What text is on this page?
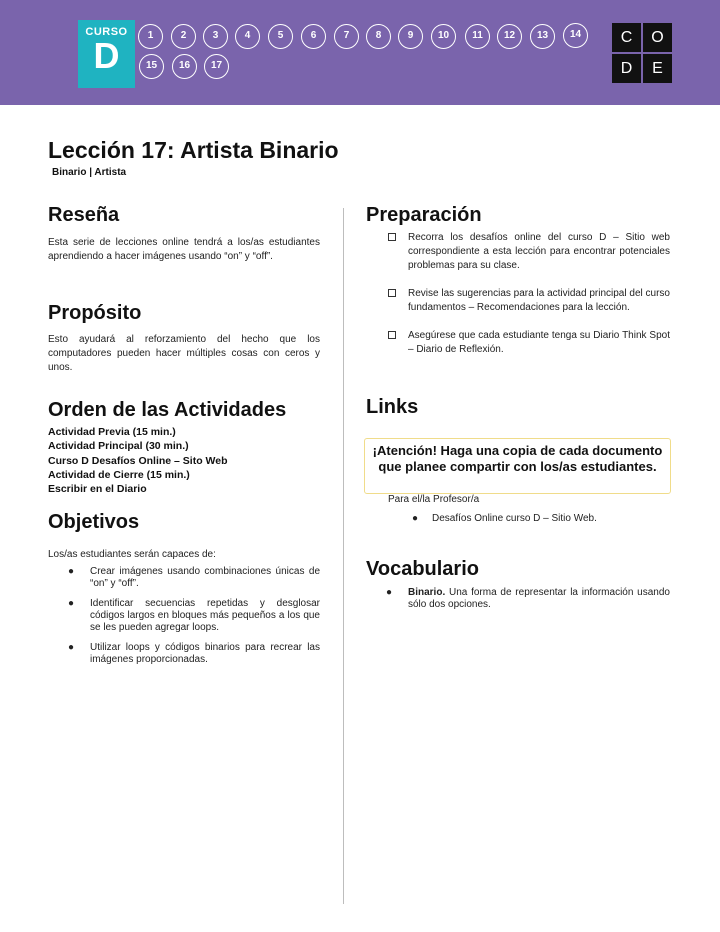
CURSO
D	1	2	3	4	5	6	7	8	9	10	11	12	13	14
15	16	17
C	O
D	E
Lección 17: Artista Binario
Binario | Artista
Reseña
Esta serie de lecciones online tendrá a los/as estudiantes aprendiendo a hacer imágenes usando “on” y “off”.
Propósito
Esto ayudará al reforzamiento del hecho que los computadores pueden hacer múltiples cosas con ceros y unos.
Orden de las Actividades
Actividad Previa (15 min.)
Actividad Principal (30 min.)
Curso D Desafíos Online – Sito Web
Actividad de Cierre (15 min.)
Escribir en el Diario
Objetivos
Los/as estudiantes serán capaces de:
● Crear imágenes usando combinaciones únicas de “on” y “off”.
● Identificar secuencias repetidas y desglosar códigos largos en bloques más pequeños a los que se les pueden agregar loops.
● Utilizar loops y códigos binarios para recrear las imágenes proporcionadas.
Preparación
Recorra los desafíos online del curso D – Sitio web correspondiente a esta lección para encontrar potenciales problemas para su clase.
Revise las sugerencias para la actividad principal del curso fundamentos – Recomendaciones para la lección.
Asegúrese que cada estudiante tenga su Diario Think Spot – Diario de Reflexión.
Links
¡Atención! Haga una copia de cada documento que planee compartir con los/as estudiantes.
Para el/la Profesor/a
● Desafíos Online curso D – Sitio Web.
Vocabulario
● Binario. Una forma de representar la información usando sólo dos opciones.
